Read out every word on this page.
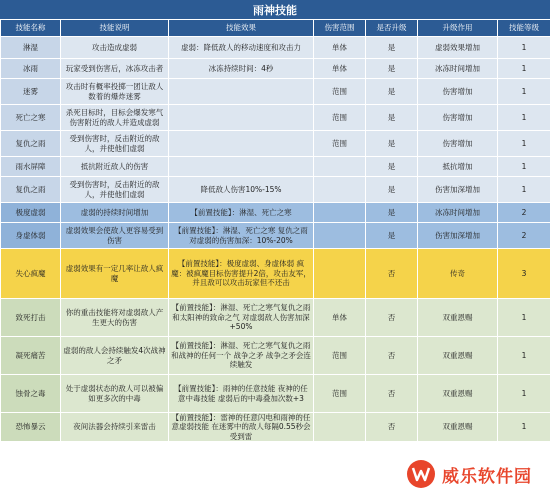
雨神技能
技能名称	技能说明	技能效果	伤害范围	是否升级	升级作用	技能等级
淋湿	攻击造成虚弱	虚弱：降低敌人的移动速度和攻击力	单体	是	虚弱效果增加	1
冰雨	玩家受到伤害后，冰冻攻击者	冰冻持续时间：4秒	单体	是	冰冻时间增加	1
迷雾	攻击时有概率投掷一团让敌人数着的爆炸迷雾		范围	是	伤害增加	1
死亡之寒	杀死目标时，目标会爆发寒气伤害附近的敌人并造成虚弱		范围	是	伤害增加	1
复仇之雨	受到伤害时，反击附近的敌人，并使他们虚弱		范围	是	伤害增加	1
雨水屏障	抵抗附近敌人的伤害			是	抵抗增加	1
复仇之雨	受到伤害时，反击附近的敌人，并使他们虚弱	降低敌人伤害10%-15%		是	伤害加深增加	1
极度虚弱	虚弱的持续时间增加	【前置技能】：淋湿、死亡之寒		是	冰冻时间增加	2
身虚体弱	虚弱效果会使敌人更容易受到伤害	【前置技能】：淋湿、死亡之寒 复仇之雨 对虚弱的伤害加深：10%-20%		是	伤害加深增加	2
失心疯魔	虚弱效果有一定几率让敌人疯魔	【前置技能】：极度虚弱、身虚体弱 疯魔：被疯魔目标伤害提升2倍，攻击友军，并且敌可以攻击玩家但不还击		否	传奇	3
致死打击	你的重击技能将对虚弱敌人产生更大的伤害	【前置技能】：淋湿、死亡之寒气复仇之雨和太阳神的致命之气 对虚弱敌人伤害加深+50%	单体	否	双重恩赐	1
凝死痛苦	虚弱的敌人会持续触发4次战神之矛	【前置技能】：淋湿、死亡之寒气复仇之雨和战神的任何一个 战争之矛 战争之矛会连续触发	范围	否	双重恩赐	1
蚀骨之毒	处于虚弱状态的敌人可以被偏如更多次的中毒	【前置技能】：雨神的任意技能 夜神的任意中毒技能 虚弱后的中毒叠加次数+3	范围	否	双重恩赐	1
恐怖暴云	夜间法器会持续引来雷击	【前置技能】：雷神的任意闪电和雨神的任意虚弱技能 在迷雾中的敌人每隔0.55秒会受到雷		否	双重恩赐	1
威乐软件园
